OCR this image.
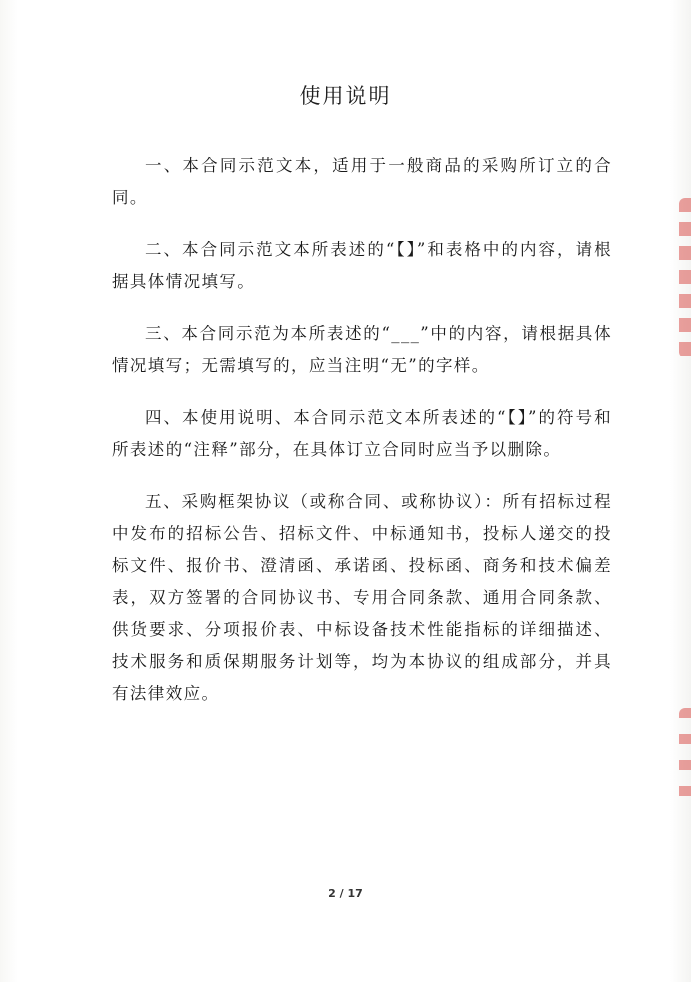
使用说明

一、本合同示范文本，适用于一般商品的采购所订立的合同。

二、本合同示范文本所表述的“【】”和表格中的内容，请根据具体情况填写。

三、本合同示范为本所表述的“___”中的内容，请根据具体情况填写；无需填写的，应当注明“无”的字样。

四、本使用说明、本合同示范文本所表述的“【】”的符号和所表述的“注释”部分，在具体订立合同时应当予以删除。

五、采购框架协议（或称合同、或称协议）：所有招标过程中发布的招标公告、招标文件、中标通知书，投标人递交的投标文件、报价书、澄清函、承诺函、投标函、商务和技术偏差表，双方签署的合同协议书、专用合同条款、通用合同条款、供货要求、分项报价表、中标设备技术性能指标的详细描述、技术服务和质保期服务计划等，均为本协议的组成部分，并具有法律效应。

2 / 17
